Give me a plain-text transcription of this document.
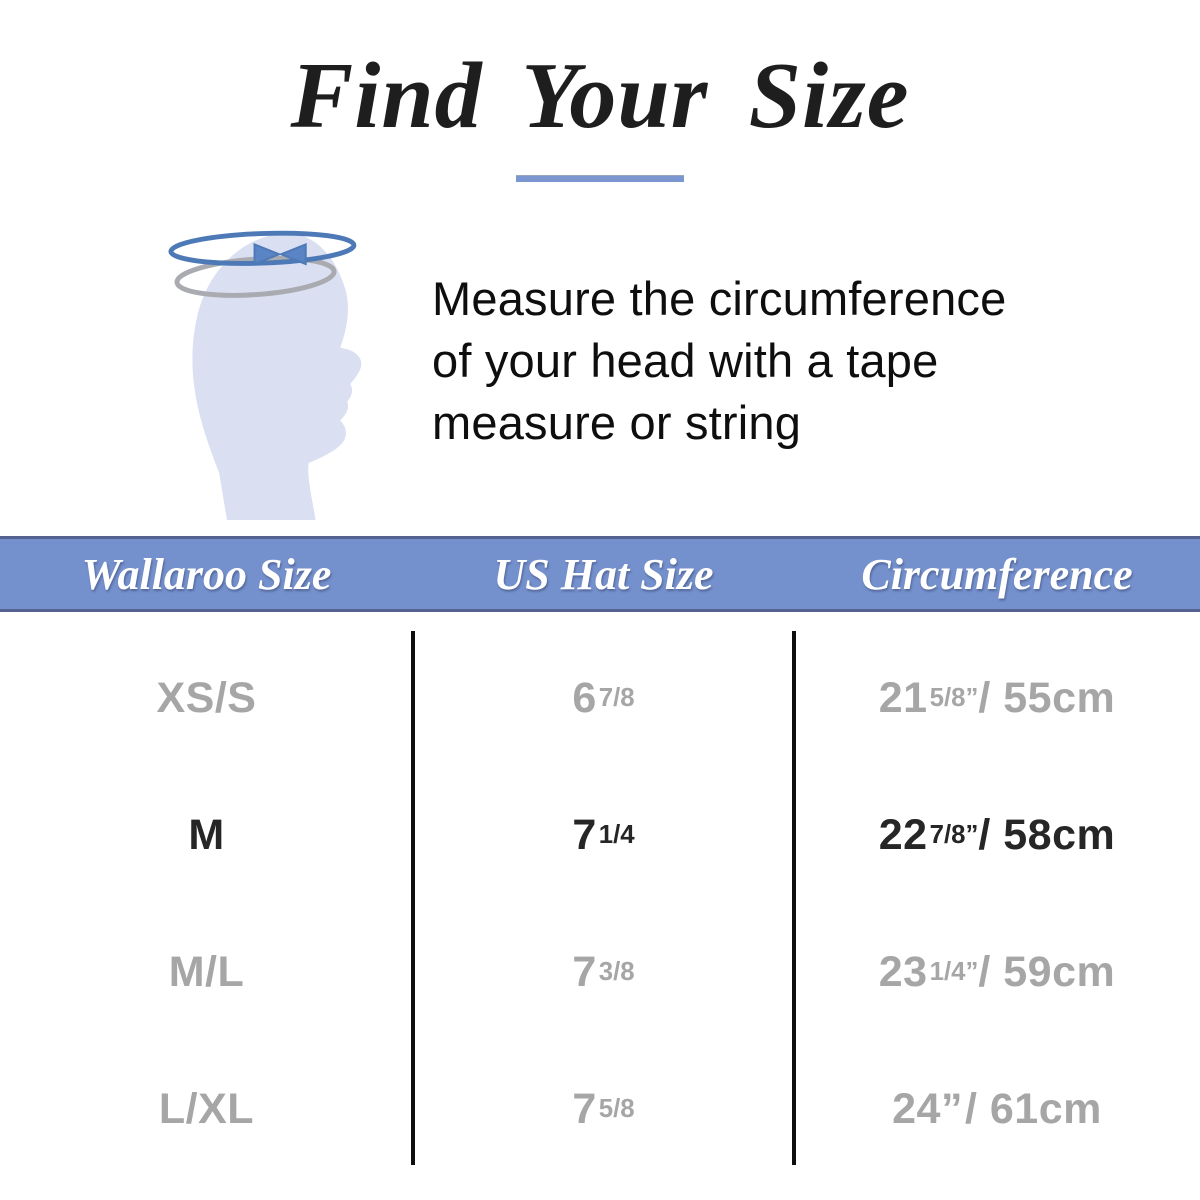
Find Your Size
Measure the circumference
of your head with a tape
measure or string
Wallaroo Size	US Hat Size	Circumference
XS/S	6 7/8	21 5/8” / 55cm
M	7 1/4	22 7/8” / 58cm
M/L	7 3/8	23 1/4” / 59cm
L/XL	7 5/8	24” / 61cm
